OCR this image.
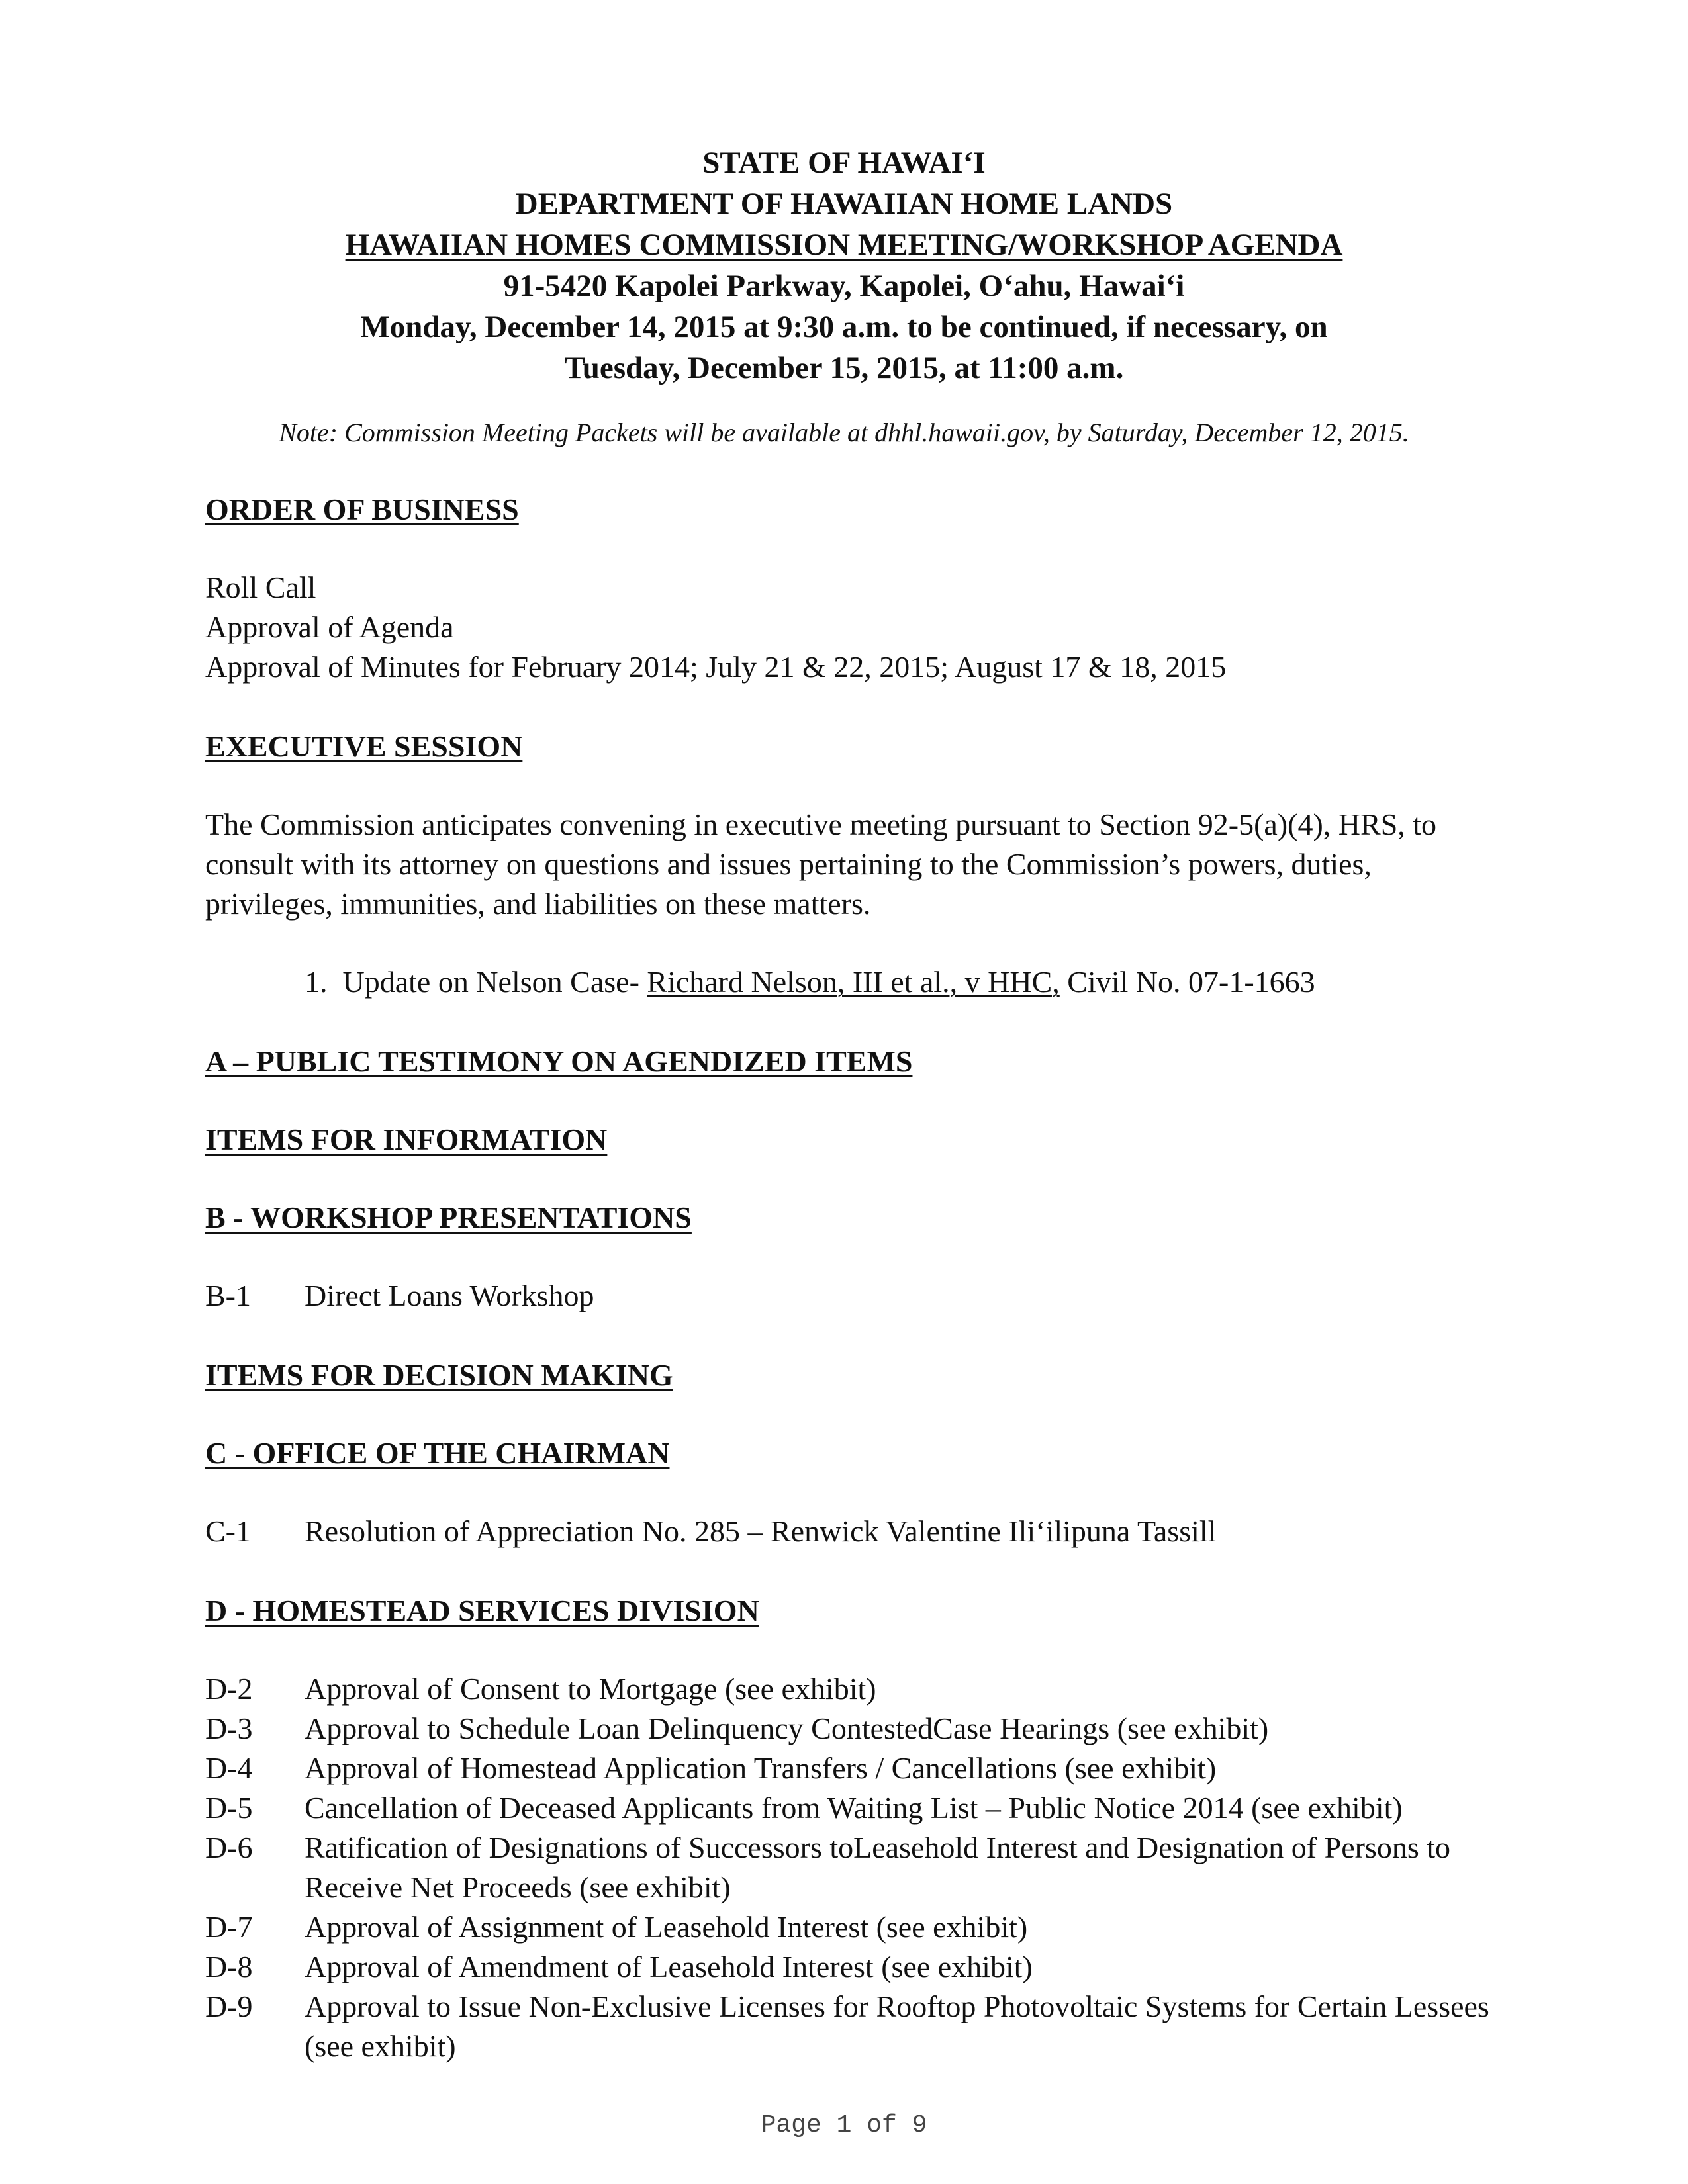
STATE OF HAWAI‘I
DEPARTMENT OF HAWAIIAN HOME LANDS
HAWAIIAN HOMES COMMISSION MEETING/WORKSHOP AGENDA
91-5420 Kapolei Parkway, Kapolei, O‘ahu, Hawai‘i
Monday, December 14, 2015 at 9:30 a.m. to be continued, if necessary, on
Tuesday, December 15, 2015, at 11:00 a.m.
Note: Commission Meeting Packets will be available at dhhl.hawaii.gov, by Saturday, December 12, 2015.

ORDER OF BUSINESS

Roll Call

Approval of Agenda

Approval of Minutes for February 2014; July 21 & 22, 2015; August 17 & 18, 2015

EXECUTIVE SESSION

The Commission anticipates convening in executive meeting pursuant to Section 92-5(a)(4), HRS, to consult with its attorney on questions and issues pertaining to the Commission’s powers, duties, privileges, immunities, and liabilities on these matters.

1. Update on Nelson Case- Richard Nelson, III et al., v HHC, Civil No. 07-1-1663

A – PUBLIC TESTIMONY ON AGENDIZED ITEMS

ITEMS FOR INFORMATION

B - WORKSHOP PRESENTATIONS

B-1	Direct Loans Workshop

ITEMS FOR DECISION MAKING

C - OFFICE OF THE CHAIRMAN

C-1	Resolution of Appreciation No. 285 – Renwick Valentine Ili‘ilipuna Tassill

D - HOMESTEAD SERVICES DIVISION

D-2	Approval of Consent to Mortgage (see exhibit)
D-3	Approval to Schedule Loan Delinquency ContestedCase Hearings (see exhibit)
D-4	Approval of Homestead Application Transfers / Cancellations (see exhibit)
D-5	Cancellation of Deceased Applicants from Waiting List – Public Notice 2014 (see exhibit)
D-6	Ratification of Designations of Successors toLeasehold Interest and Designation of Persons to Receive Net Proceeds (see exhibit)
D-7	Approval of Assignment of Leasehold Interest (see exhibit)
D-8	Approval of Amendment of Leasehold Interest (see exhibit)
D-9	Approval to Issue Non-Exclusive Licenses for Rooftop Photovoltaic Systems for Certain Lessees (see exhibit)
Page 1 of 9
